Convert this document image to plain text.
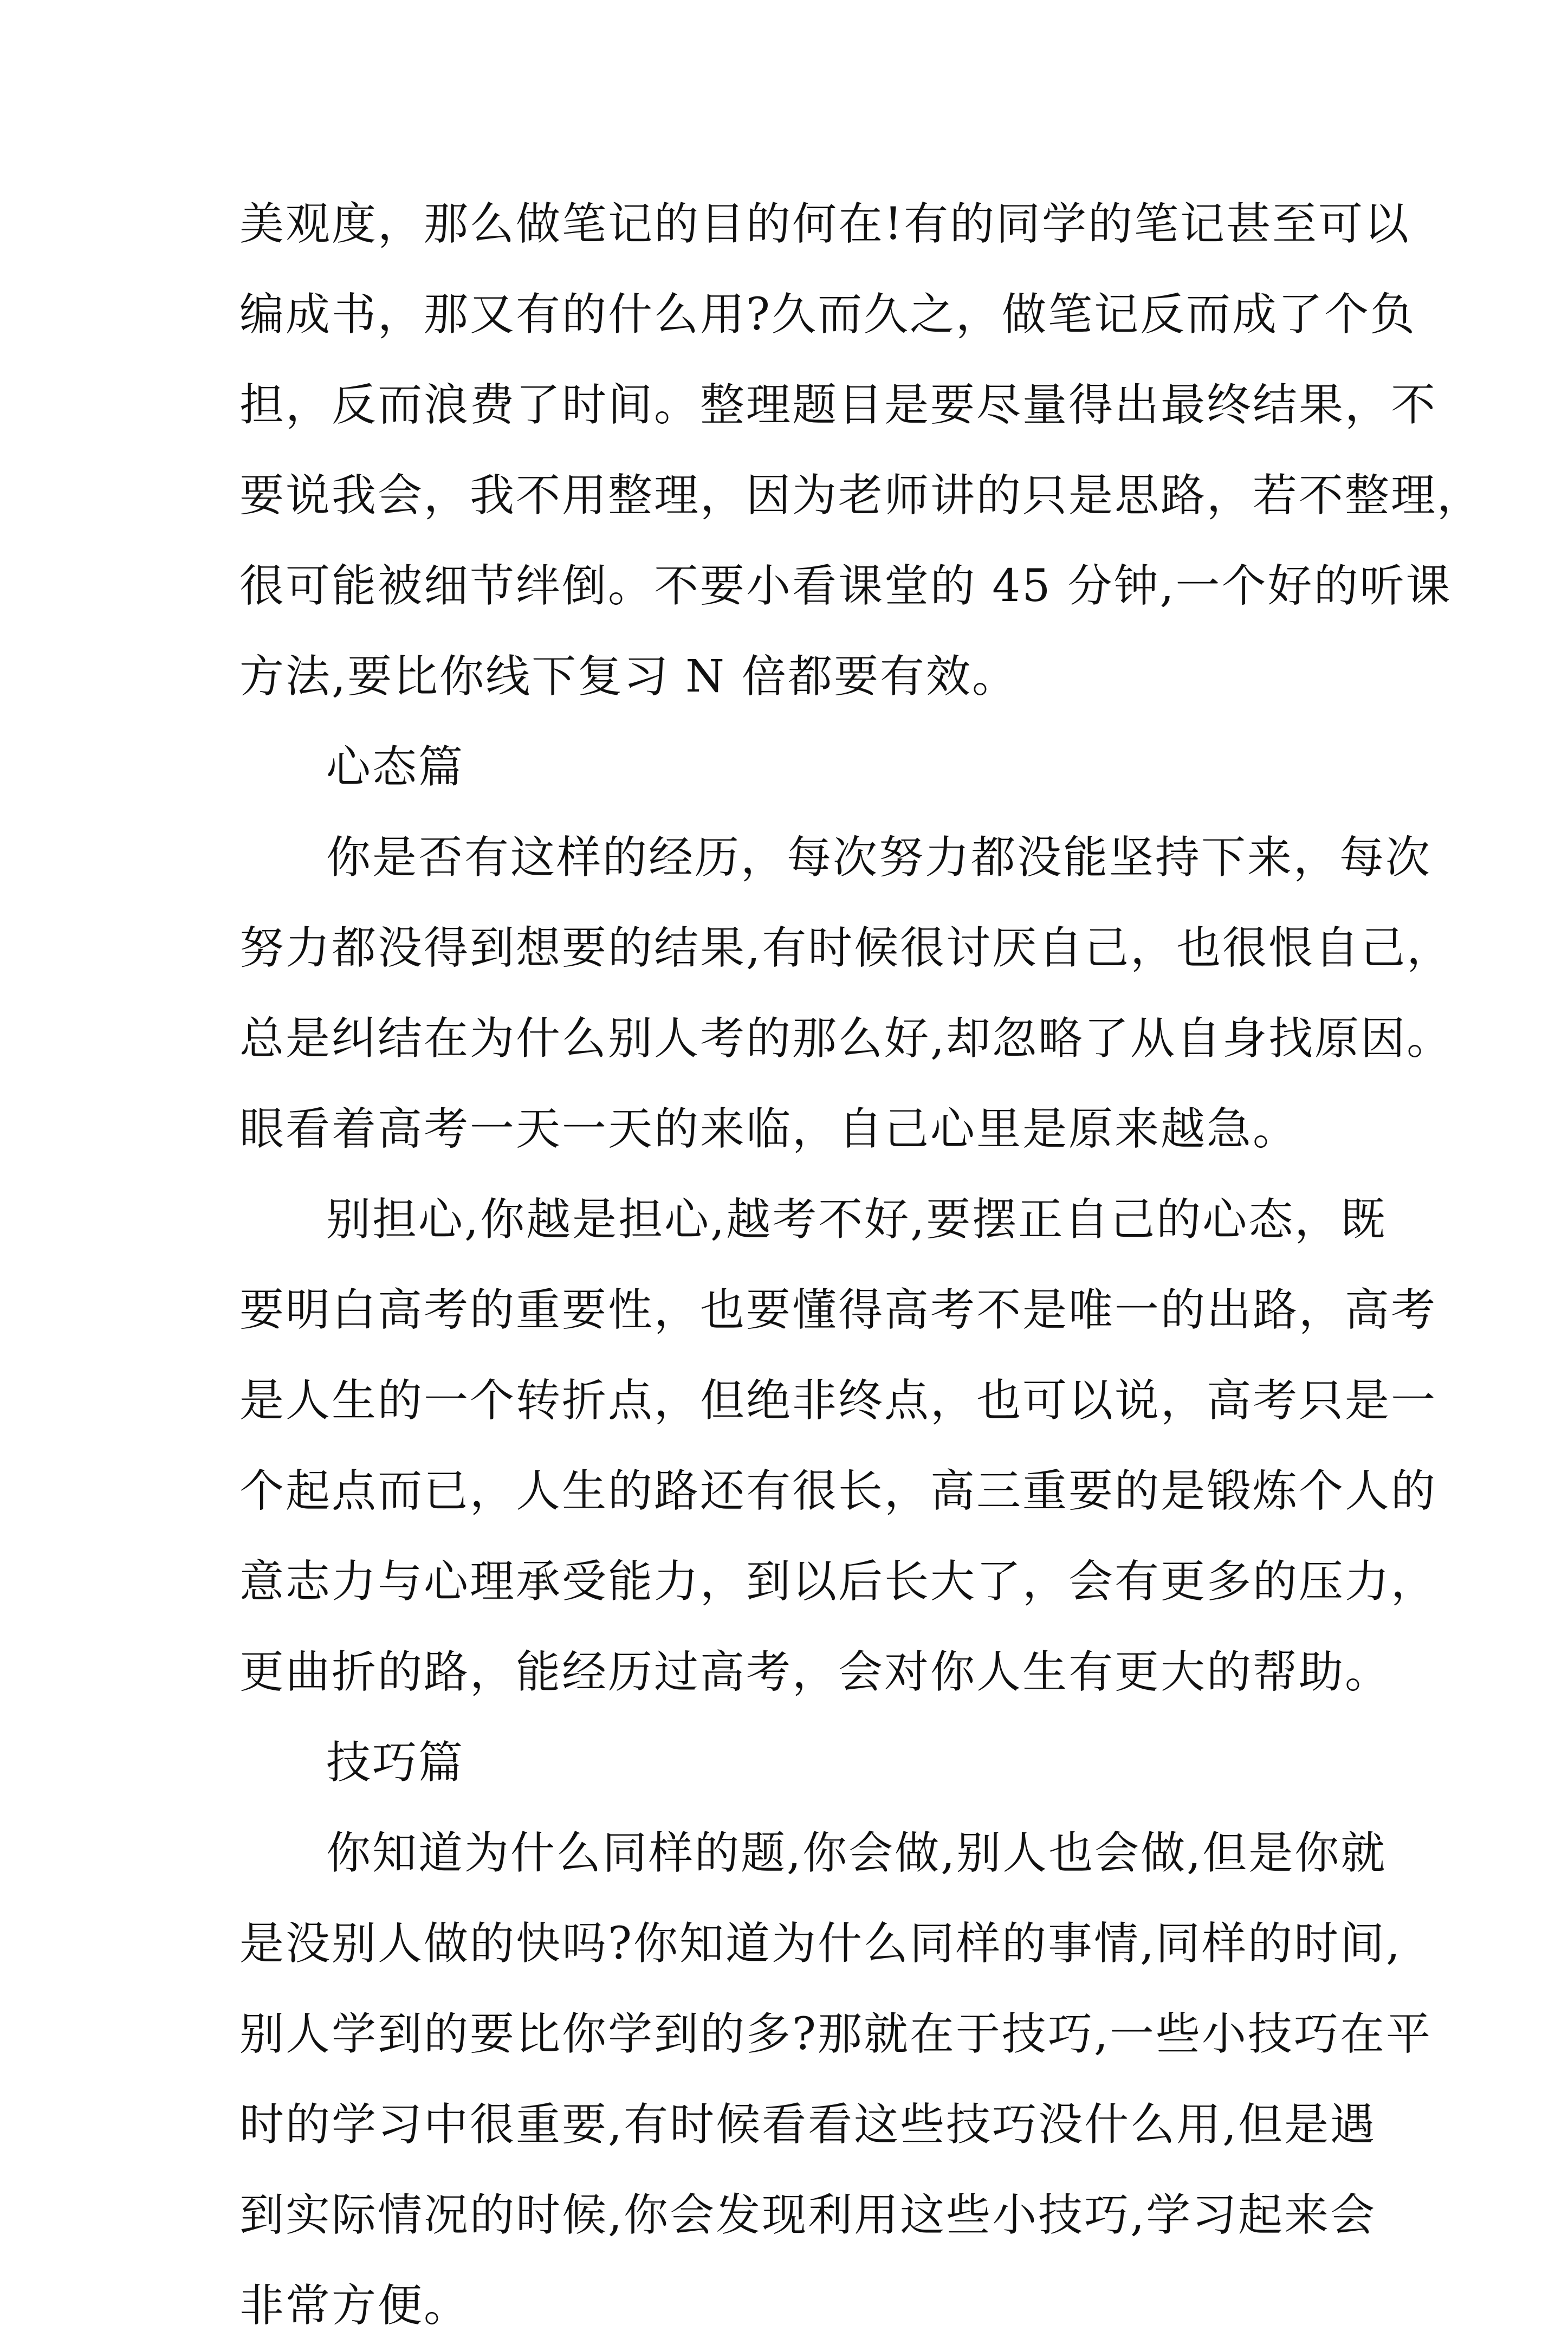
美观度，那么做笔记的目的何在!有的同学的笔记甚至可以
编成书，那又有的什么用?久而久之，做笔记反而成了个负
担，反而浪费了时间。整理题目是要尽量得出最终结果，不
要说我会，我不用整理，因为老师讲的只是思路，若不整理，
很可能被细节绊倒。不要小看课堂的 45 分钟,一个好的听课
方法,要比你线下复习 N 倍都要有效。
心态篇
你是否有这样的经历，每次努力都没能坚持下来，每次
努力都没得到想要的结果,有时候很讨厌自己，也很恨自己，
总是纠结在为什么别人考的那么好,却忽略了从自身找原因。
眼看着高考一天一天的来临，自己心里是原来越急。
别担心,你越是担心,越考不好,要摆正自己的心态，既
要明白高考的重要性，也要懂得高考不是唯一的出路，高考
是人生的一个转折点，但绝非终点，也可以说，高考只是一
个起点而已，人生的路还有很长，高三重要的是锻炼个人的
意志力与心理承受能力，到以后长大了，会有更多的压力，
更曲折的路，能经历过高考，会对你人生有更大的帮助。
技巧篇
你知道为什么同样的题,你会做,别人也会做,但是你就
是没别人做的快吗?你知道为什么同样的事情,同样的时间,
别人学到的要比你学到的多?那就在于技巧,一些小技巧在平
时的学习中很重要,有时候看看这些技巧没什么用,但是遇
到实际情况的时候,你会发现利用这些小技巧,学习起来会
非常方便。
